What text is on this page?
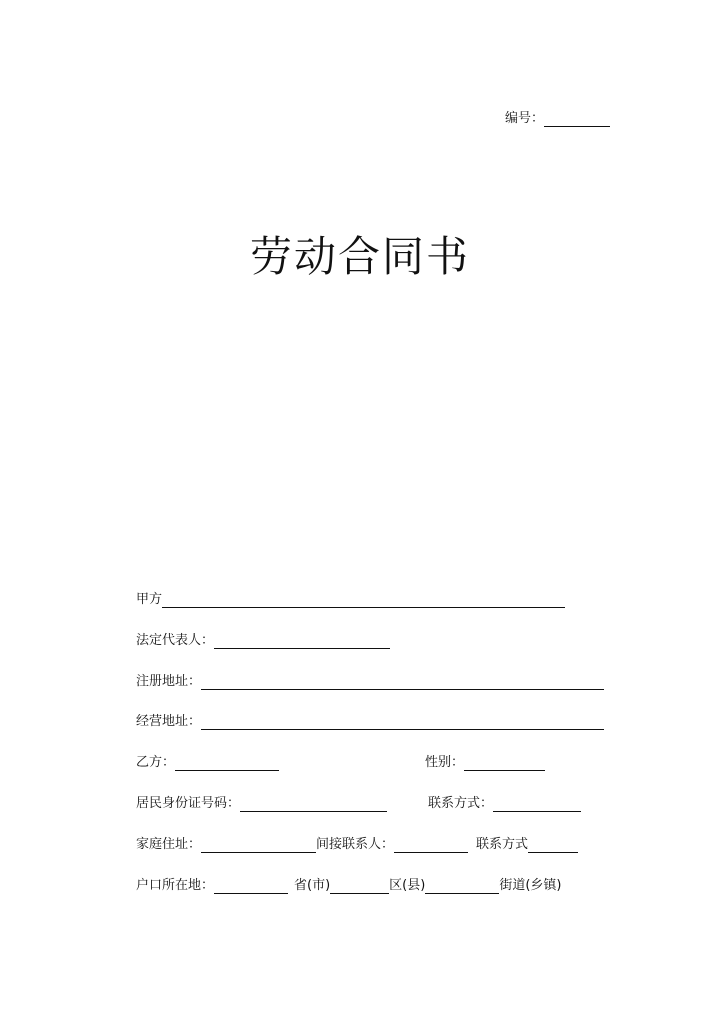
编号：
劳动合同书
甲方
法定代表人：
注册地址：
经营地址：
乙方：	性别：
居民身份证号码：	联系方式：
家庭住址：	间接联系人：	联系方式
户口所在地：	省(市)	区(县)	街道(乡镇)
